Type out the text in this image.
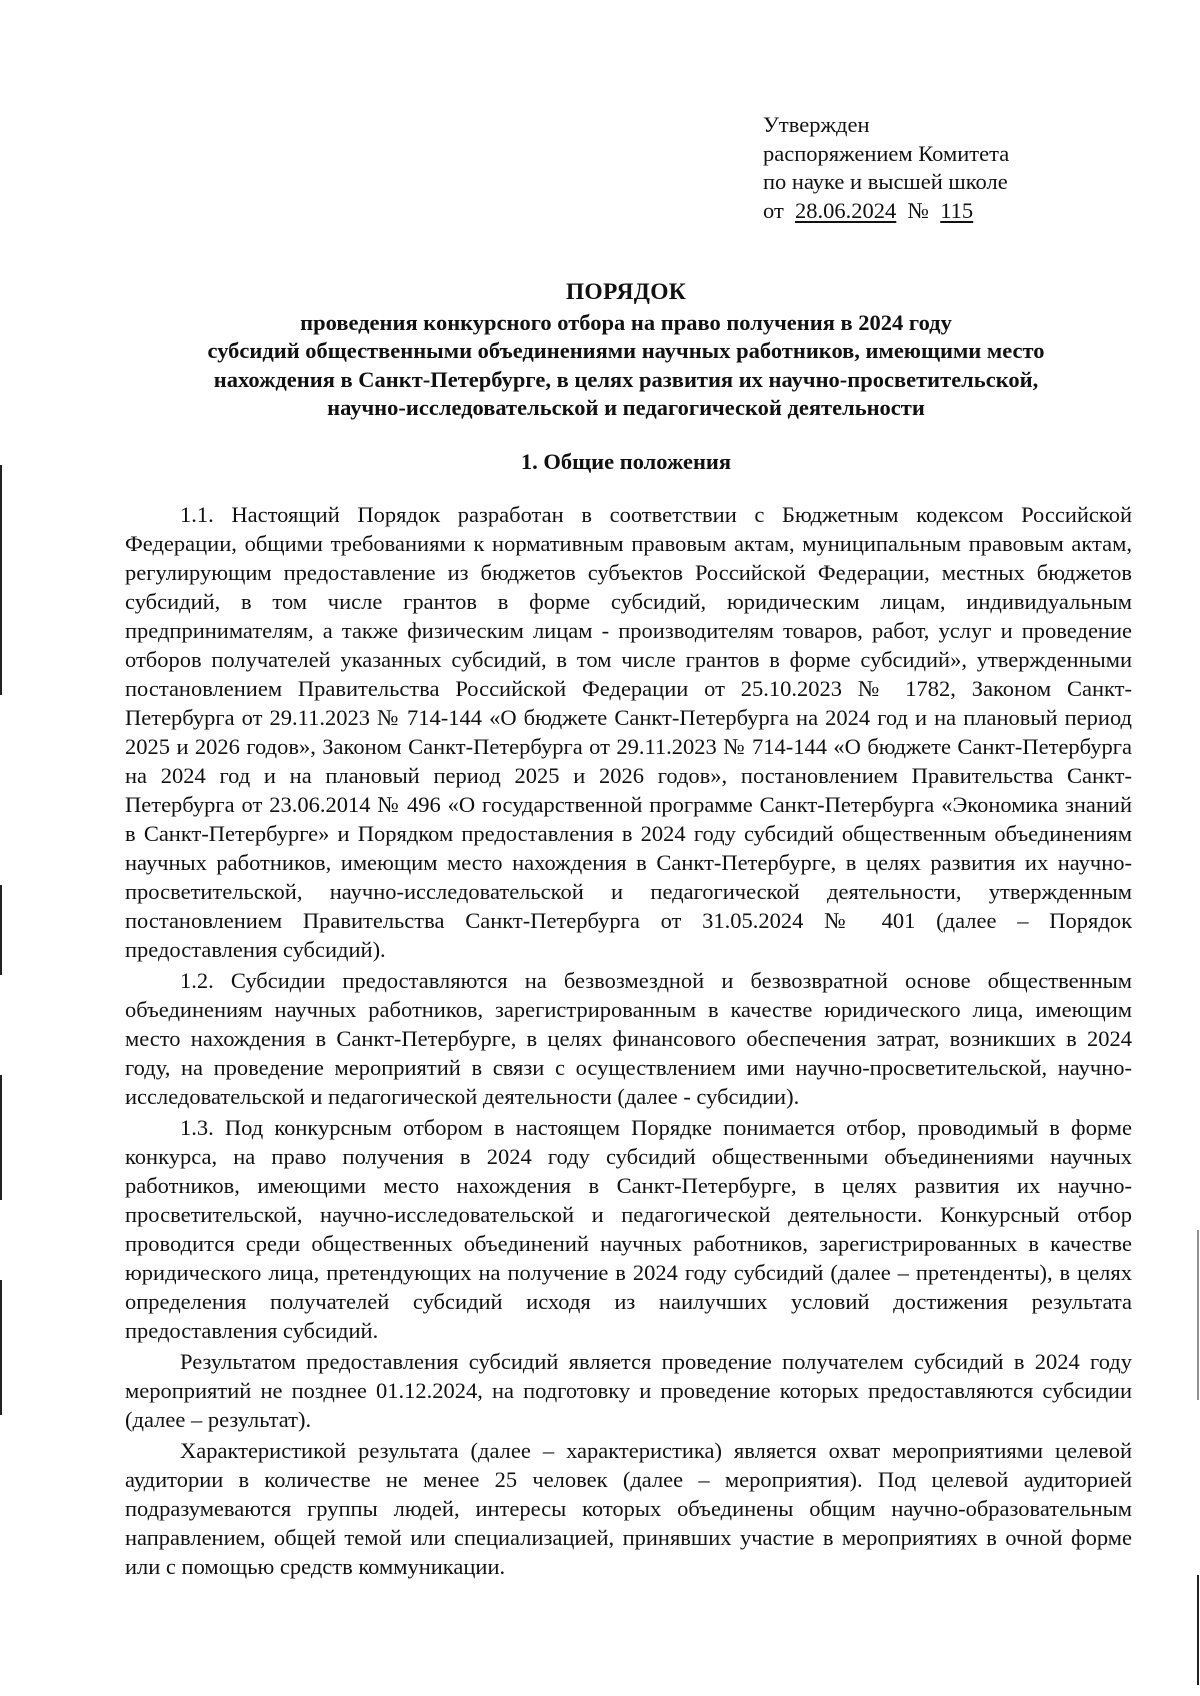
Утвержден
распоряжением Комитета
по науке и высшей школе
от 28.06.2024 № 115
ПОРЯДОК
проведения конкурсного отбора на право получения в 2024 году
субсидий общественными объединениями научных работников, имеющими место
нахождения в Санкт-Петербурге, в целях развития их научно-просветительской,
научно-исследовательской и педагогической деятельности
1. Общие положения

1.1. Настоящий Порядок разработан в соответствии с Бюджетным кодексом Российской Федерации, общими требованиями к нормативным правовым актам, муниципальным правовым актам, регулирующим предоставление из бюджетов субъектов Российской Федерации, местных бюджетов субсидий, в том числе грантов в форме субсидий, юридическим лицам, индивидуальным предпринимателям, а также физическим лицам - производителям товаров, работ, услуг и проведение отборов получателей указанных субсидий, в том числе грантов в форме субсидий», утвержденными постановлением Правительства Российской Федерации от 25.10.2023 № 1782, Законом Санкт-Петербурга от 29.11.2023 № 714-144 «О бюджете Санкт-Петербурга на 2024 год и на плановый период 2025 и 2026 годов», Законом Санкт-Петербурга от 29.11.2023 № 714-144 «О бюджете Санкт-Петербурга на 2024 год и на плановый период 2025 и 2026 годов», постановлением Правительства Санкт-Петербурга от 23.06.2014 № 496 «О государственной программе Санкт-Петербурга «Экономика знаний в Санкт-Петербурге» и Порядком предоставления в 2024 году субсидий общественным объединениям научных работников, имеющим место нахождения в Санкт-Петербурге, в целях развития их научно-просветительской, научно-исследовательской и педагогической деятельности, утвержденным постановлением Правительства Санкт-Петербурга от 31.05.2024 № 401 (далее – Порядок предоставления субсидий).

1.2. Субсидии предоставляются на безвозмездной и безвозвратной основе общественным объединениям научных работников, зарегистрированным в качестве юридического лица, имеющим место нахождения в Санкт-Петербурге, в целях финансового обеспечения затрат, возникших в 2024 году, на проведение мероприятий в связи с осуществлением ими научно-просветительской, научно-исследовательской и педагогической деятельности (далее - субсидии).

1.3. Под конкурсным отбором в настоящем Порядке понимается отбор, проводимый в форме конкурса, на право получения в 2024 году субсидий общественными объединениями научных работников, имеющими место нахождения в Санкт-Петербурге, в целях развития их научно-просветительской, научно-исследовательской и педагогической деятельности. Конкурсный отбор проводится среди общественных объединений научных работников, зарегистрированных в качестве юридического лица, претендующих на получение в 2024 году субсидий (далее – претенденты), в целях определения получателей субсидий исходя из наилучших условий достижения результата предоставления субсидий.

Результатом предоставления субсидий является проведение получателем субсидий в 2024 году мероприятий не позднее 01.12.2024, на подготовку и проведение которых предоставляются субсидии (далее – результат).

Характеристикой результата (далее – характеристика) является охват мероприятиями целевой аудитории в количестве не менее 25 человек (далее – мероприятия). Под целевой аудиторией подразумеваются группы людей, интересы которых объединены общим научно-образовательным направлением, общей темой или специализацией, принявших участие в мероприятиях в очной форме или с помощью средств коммуникации.
